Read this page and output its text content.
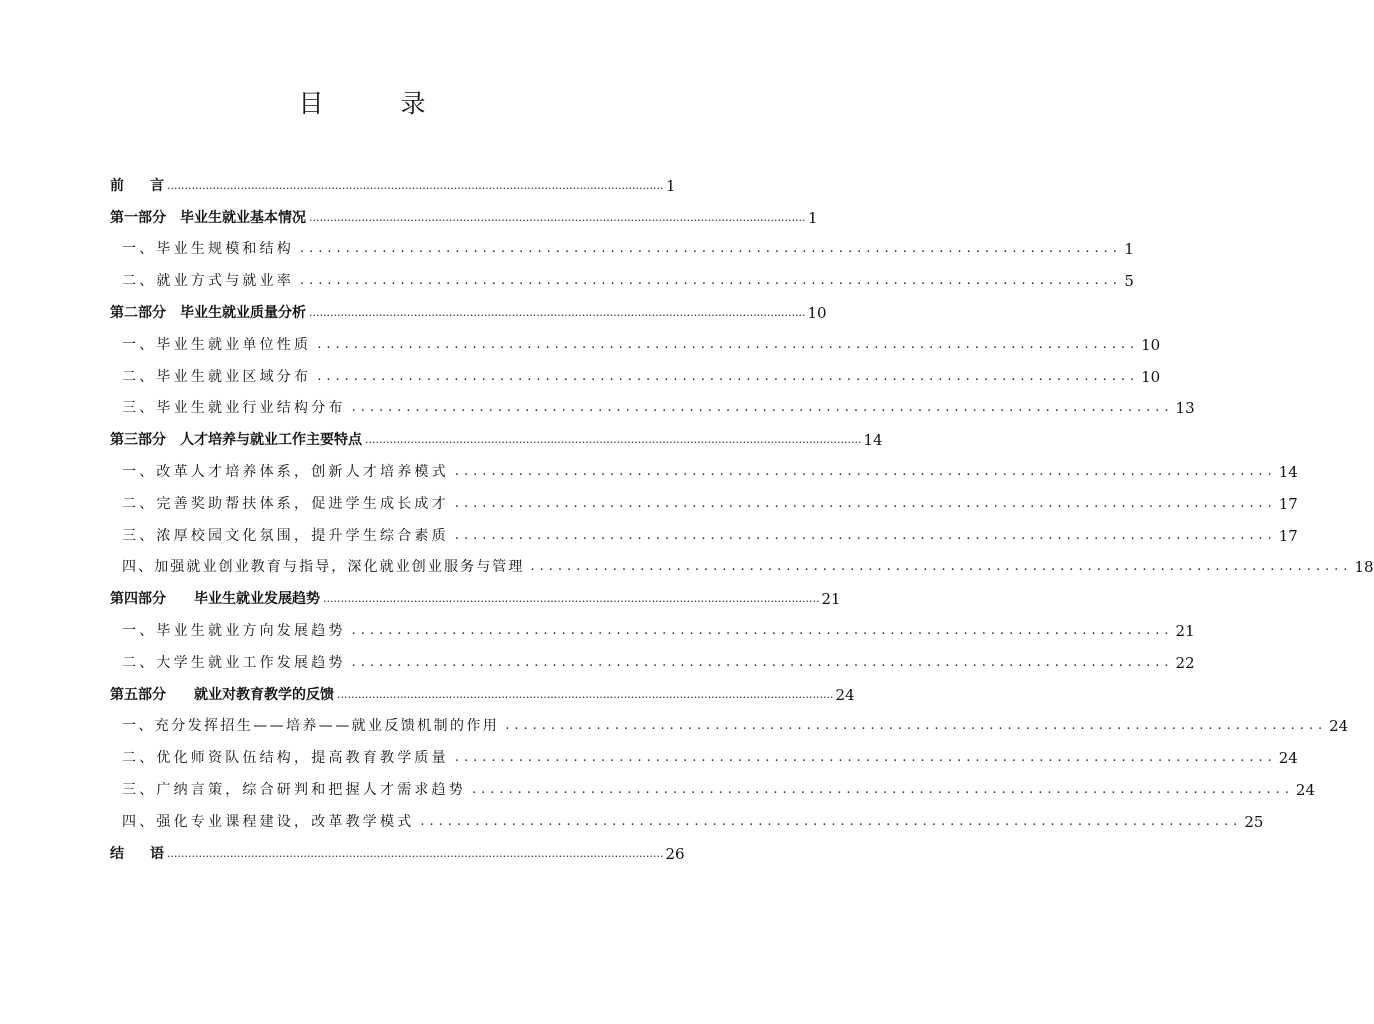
目　录
前 言 .............................................................................................................................................. 1
第一部分　毕业生就业基本情况 .............................................................................................................................................. 1
一、毕业生规模和结构 .......................................................................................... 1
二、就业方式与就业率 .......................................................................................... 5
第二部分　毕业生就业质量分析 .............................................................................................................................................. 10
一、毕业生就业单位性质 .......................................................................................... 10
二、毕业生就业区域分布 .......................................................................................... 10
三、毕业生就业行业结构分布 .......................................................................................... 13
第三部分　人才培养与就业工作主要特点 .............................................................................................................................................. 14
一、改革人才培养体系，创新人才培养模式 .......................................................................................... 14
二、完善奖助帮扶体系，促进学生成长成才 .......................................................................................... 17
三、浓厚校园文化氛围，提升学生综合素质 .......................................................................................... 17
四、加强就业创业教育与指导，深化就业创业服务与管理 .......................................................................................... 18
第四部分　　毕业生就业发展趋势 .............................................................................................................................................. 21
一、毕业生就业方向发展趋势 .......................................................................................... 21
二、大学生就业工作发展趋势 .......................................................................................... 22
第五部分　　就业对教育教学的反馈 .............................................................................................................................................. 24
一、充分发挥招生——培养——就业反馈机制的作用 .......................................................................................... 24
二、优化师资队伍结构，提高教育教学质量 .......................................................................................... 24
三、广纳言策，综合研判和把握人才需求趋势 .......................................................................................... 24
四、强化专业课程建设，改革教学模式 .......................................................................................... 25
结 语 .............................................................................................................................................. 26
